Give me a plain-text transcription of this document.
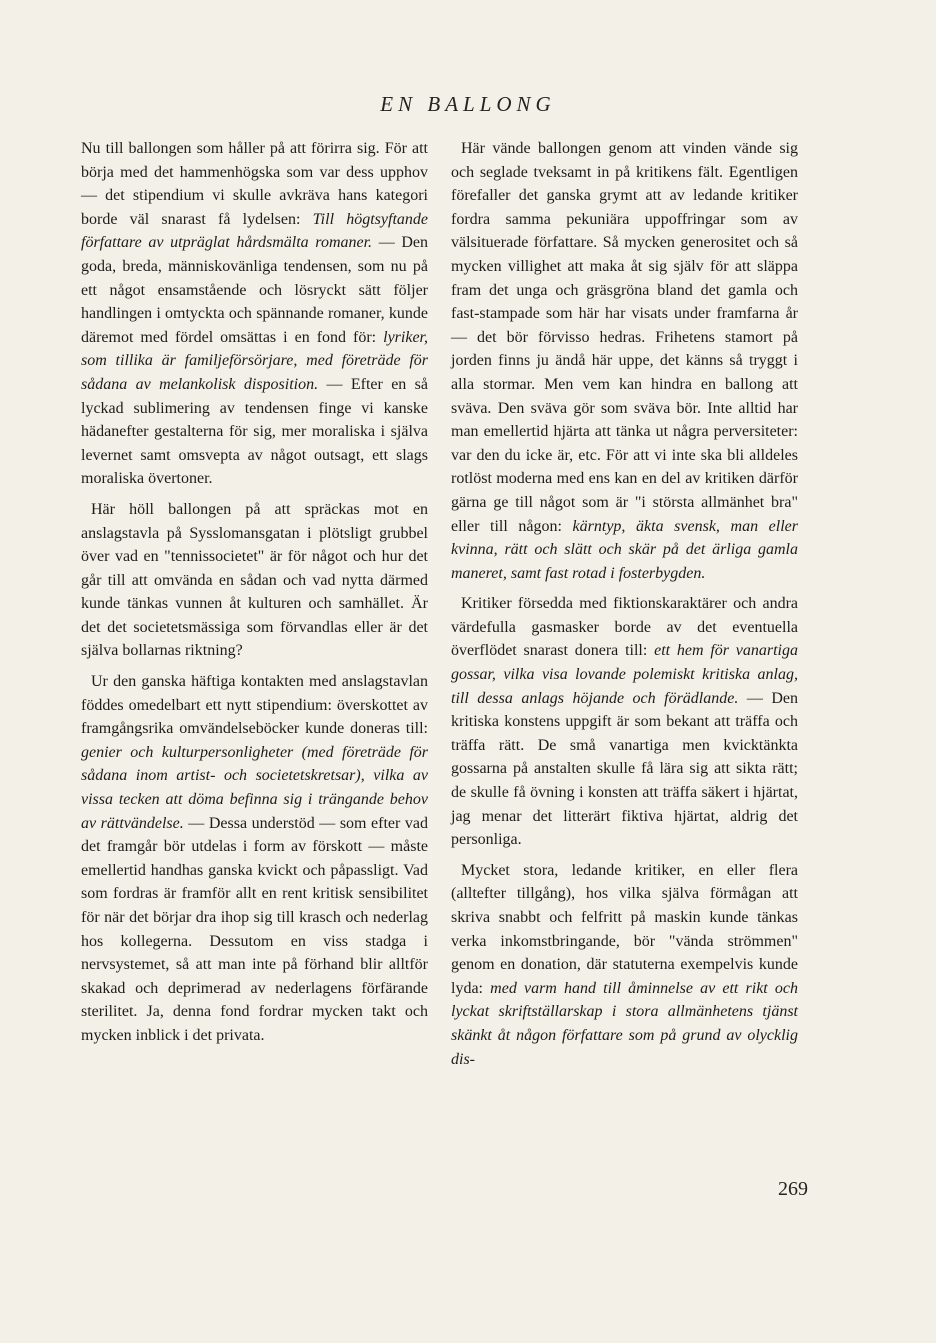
EN BALLONG

Nu till ballongen som håller på att förirra sig. För att börja med det hammenhögska som var dess upphov — det stipendium vi skulle avkräva hans kategori borde väl snarast få lydelsen: Till högtsyftande författare av utpräglat hårdsmälta romaner. — Den goda, breda, människovänliga tendensen, som nu på ett något ensamstående och lösryckt sätt följer handlingen i omtyckta och spännande romaner, kunde däremot med fördel omsättas i en fond för: lyriker, som tillika är familjeförsörjare, med företräde för sådana av melankolisk disposition. — Efter en så lyckad sublimering av tendensen finge vi kanske hädanefter gestalterna för sig, mer moraliska i själva levernet samt omsvepta av något outsagt, ett slags moraliska övertoner.

Här höll ballongen på att spräckas mot en anslagstavla på Sysslomansgatan i plötsligt grubbel över vad en "tennissocietet" är för något och hur det går till att omvända en sådan och vad nytta därmed kunde tänkas vunnen åt kulturen och samhället. Är det det societetsmässiga som förvandlas eller är det själva bollarnas riktning?

Ur den ganska häftiga kontakten med anslagstavlan föddes omedelbart ett nytt stipendium: överskottet av framgångsrika omvändelseböcker kunde doneras till: genier och kulturpersonligheter (med företräde för sådana inom artist- och societetskretsar), vilka av vissa tecken att döma befinna sig i trängande behov av rättvändelse. — Dessa understöd — som efter vad det framgår bör utdelas i form av förskott — måste emellertid handhas ganska kvickt och påpassligt. Vad som fordras är framför allt en rent kritisk sensibilitet för när det börjar dra ihop sig till krasch och nederlag hos kollegerna. Dessutom en viss stadga i nervsystemet, så att man inte på förhand blir alltför skakad och deprimerad av nederlagens förfärande sterilitet. Ja, denna fond fordrar mycken takt och mycken inblick i det privata.

Här vände ballongen genom att vinden vände sig och seglade tveksamt in på kritikens fält. Egentligen förefaller det ganska grymt att av ledande kritiker fordra samma pekuniära uppoffringar som av välsituerade författare. Så mycken generositet och så mycken villighet att maka åt sig själv för att släppa fram det unga och gräsgröna bland det gamla och fast-stampade som här har visats under framfarna år — det bör förvisso hedras. Frihetens stamort på jorden finns ju ändå här uppe, det känns så tryggt i alla stormar. Men vem kan hindra en ballong att sväva. Den sväva gör som sväva bör. Inte alltid har man emellertid hjärta att tänka ut några perversiteter: var den du icke är, etc. För att vi inte ska bli alldeles rotlöst moderna med ens kan en del av kritiken därför gärna ge till något som är "i största allmänhet bra" eller till någon: kärntyp, äkta svensk, man eller kvinna, rätt och slätt och skär på det ärliga gamla maneret, samt fast rotad i fosterbygden.

Kritiker försedda med fiktionskaraktärer och andra värdefulla gasmasker borde av det eventuella överflödet snarast donera till: ett hem för vanartiga gossar, vilka visa lovande polemiskt kritiska anlag, till dessa anlags höjande och förädlande. — Den kritiska konstens uppgift är som bekant att träffa och träffa rätt. De små vanartiga men kvicktänkta gossarna på anstalten skulle få lära sig att sikta rätt; de skulle få övning i konsten att träffa säkert i hjärtat, jag menar det litterärt fiktiva hjärtat, aldrig det personliga.

Mycket stora, ledande kritiker, en eller flera (alltefter tillgång), hos vilka själva förmågan att skriva snabbt och felfritt på maskin kunde tänkas verka inkomstbringande, bör "vända strömmen" genom en donation, där statuterna exempelvis kunde lyda: med varm hand till åminnelse av ett rikt och lyckat skriftställarskap i stora allmänhetens tjänst skänkt åt någon författare som på grund av olycklig dis-

269
